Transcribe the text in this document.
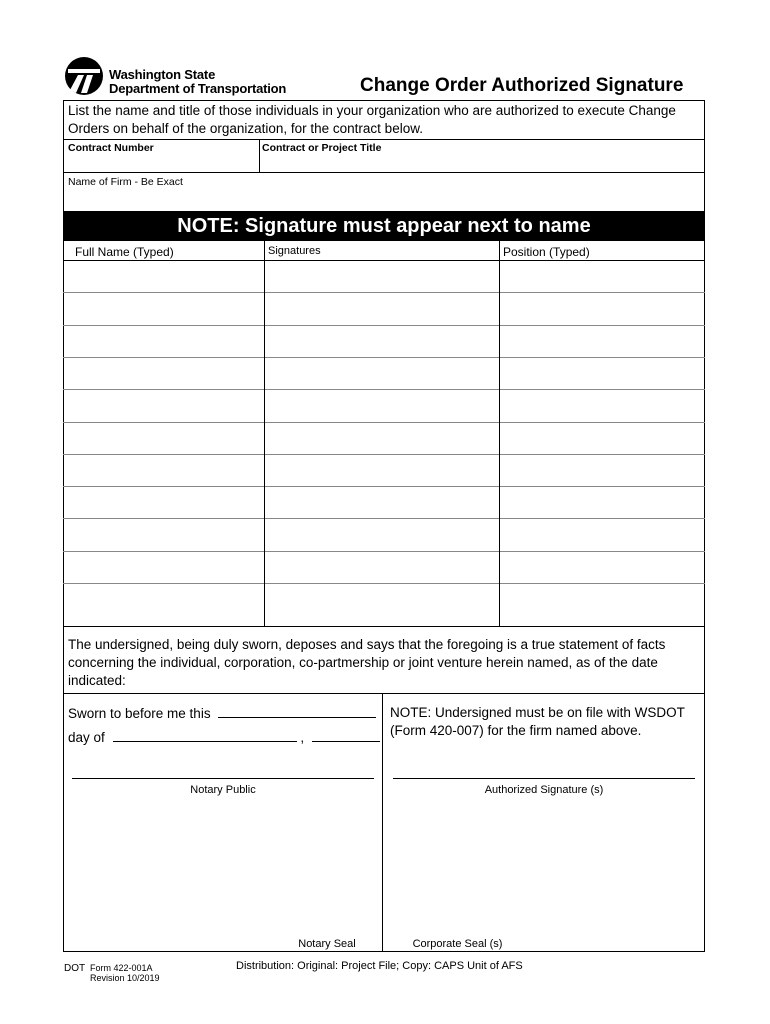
Washington State
Department of Transportation	Change Order Authorized Signature
List the name and title of those individuals in your organization who are authorized to execute Change Orders on behalf of the organization, for the contract below.
Contract Number	Contract or Project Title
Name of Firm - Be Exact
NOTE: Signature must appear next to name
Full Name (Typed)	Signatures	Position (Typed)
The undersigned, being duly sworn, deposes and says that the foregoing is a true statement of facts concerning the individual, corporation, co-partmership or joint venture herein named, as of the date indicated:
Sworn to before me this
day of	,
Notary Public
Notary Seal
NOTE: Undersigned must be on file with WSDOT (Form 420-007) for the firm named above.
Authorized Signature (s)
Corporate Seal (s)
DOT Form 422-001A
Revision 10/2019
Distribution: Original: Project File; Copy: CAPS Unit of AFS
